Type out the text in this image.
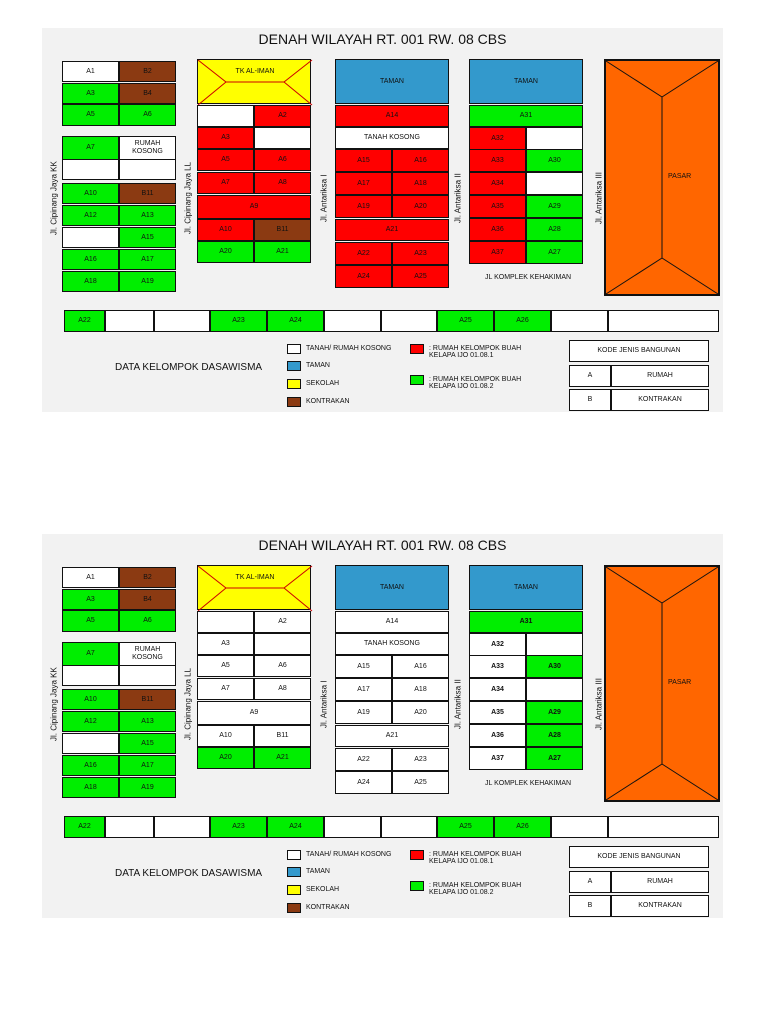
DENAH WILAYAH RT. 001 RW. 08 CBS
Jl. Cipinang Jaya KK	Jl. Cipinang Jaya LL	Jl. Antariksa I	Jl. Antariksa II	Jl. Antariksa III
A1	B2
A3	B4
A5	A6
A7
RUMAH KOSONG
A10	B11
A12	A13
A15
A16	A17
A18	A19
TK AL-IMAN
A2
A3
A5	A6
A7	A8
A9
A10	B11
A20	A21
TAMAN
A14
TANAH KOSONG
A15	A16
A17	A18
A19	A20
A21
A22	A23
A24	A25
TAMAN
A31
A32
A33	A30
A34
A35	A29
A36	A28
A37	A27
JL KOMPLEK KEHAKIMAN
PASAR
A22	A23	A24	A25	A26
DATA KELOMPOK DASAWISMA
TANAH/ RUMAH KOSONG
TAMAN
SEKOLAH
KONTRAKAN
: RUMAH KELOMPOK BUAH KELAPA IJO 01.08.1
: RUMAH KELOMPOK BUAH KELAPA IJO 01.08.2
KODE JENIS BANGUNAN
A	RUMAH
B	KONTRAKAN
DENAH WILAYAH RT. 001 RW. 08 CBS
Jl. Cipinang Jaya KK	Jl. Cipinang Jaya LL	Jl. Antariksa I	Jl. Antariksa II	Jl. Antariksa III
A1	B2
A3	B4
A5	A6
A7
RUMAH KOSONG
A10	B11
A12	A13
A15
A16	A17
A18	A19
TK AL-IMAN
A2
A3
A5	A6
A7	A8
A9
A10	B11
A20	A21
TAMAN
A14
TANAH KOSONG
A15	A16
A17	A18
A19	A20
A21
A22	A23
A24	A25
TAMAN
A31
A32
A33	A30
A34
A35	A29
A36	A28
A37	A27
JL KOMPLEK KEHAKIMAN
PASAR
A22	A23	A24	A25	A26
DATA KELOMPOK DASAWISMA
TANAH/ RUMAH KOSONG
TAMAN
SEKOLAH
KONTRAKAN
: RUMAH KELOMPOK BUAH KELAPA IJO 01.08.1
: RUMAH KELOMPOK BUAH KELAPA IJO 01.08.2
KODE JENIS BANGUNAN
A	RUMAH
B	KONTRAKAN
